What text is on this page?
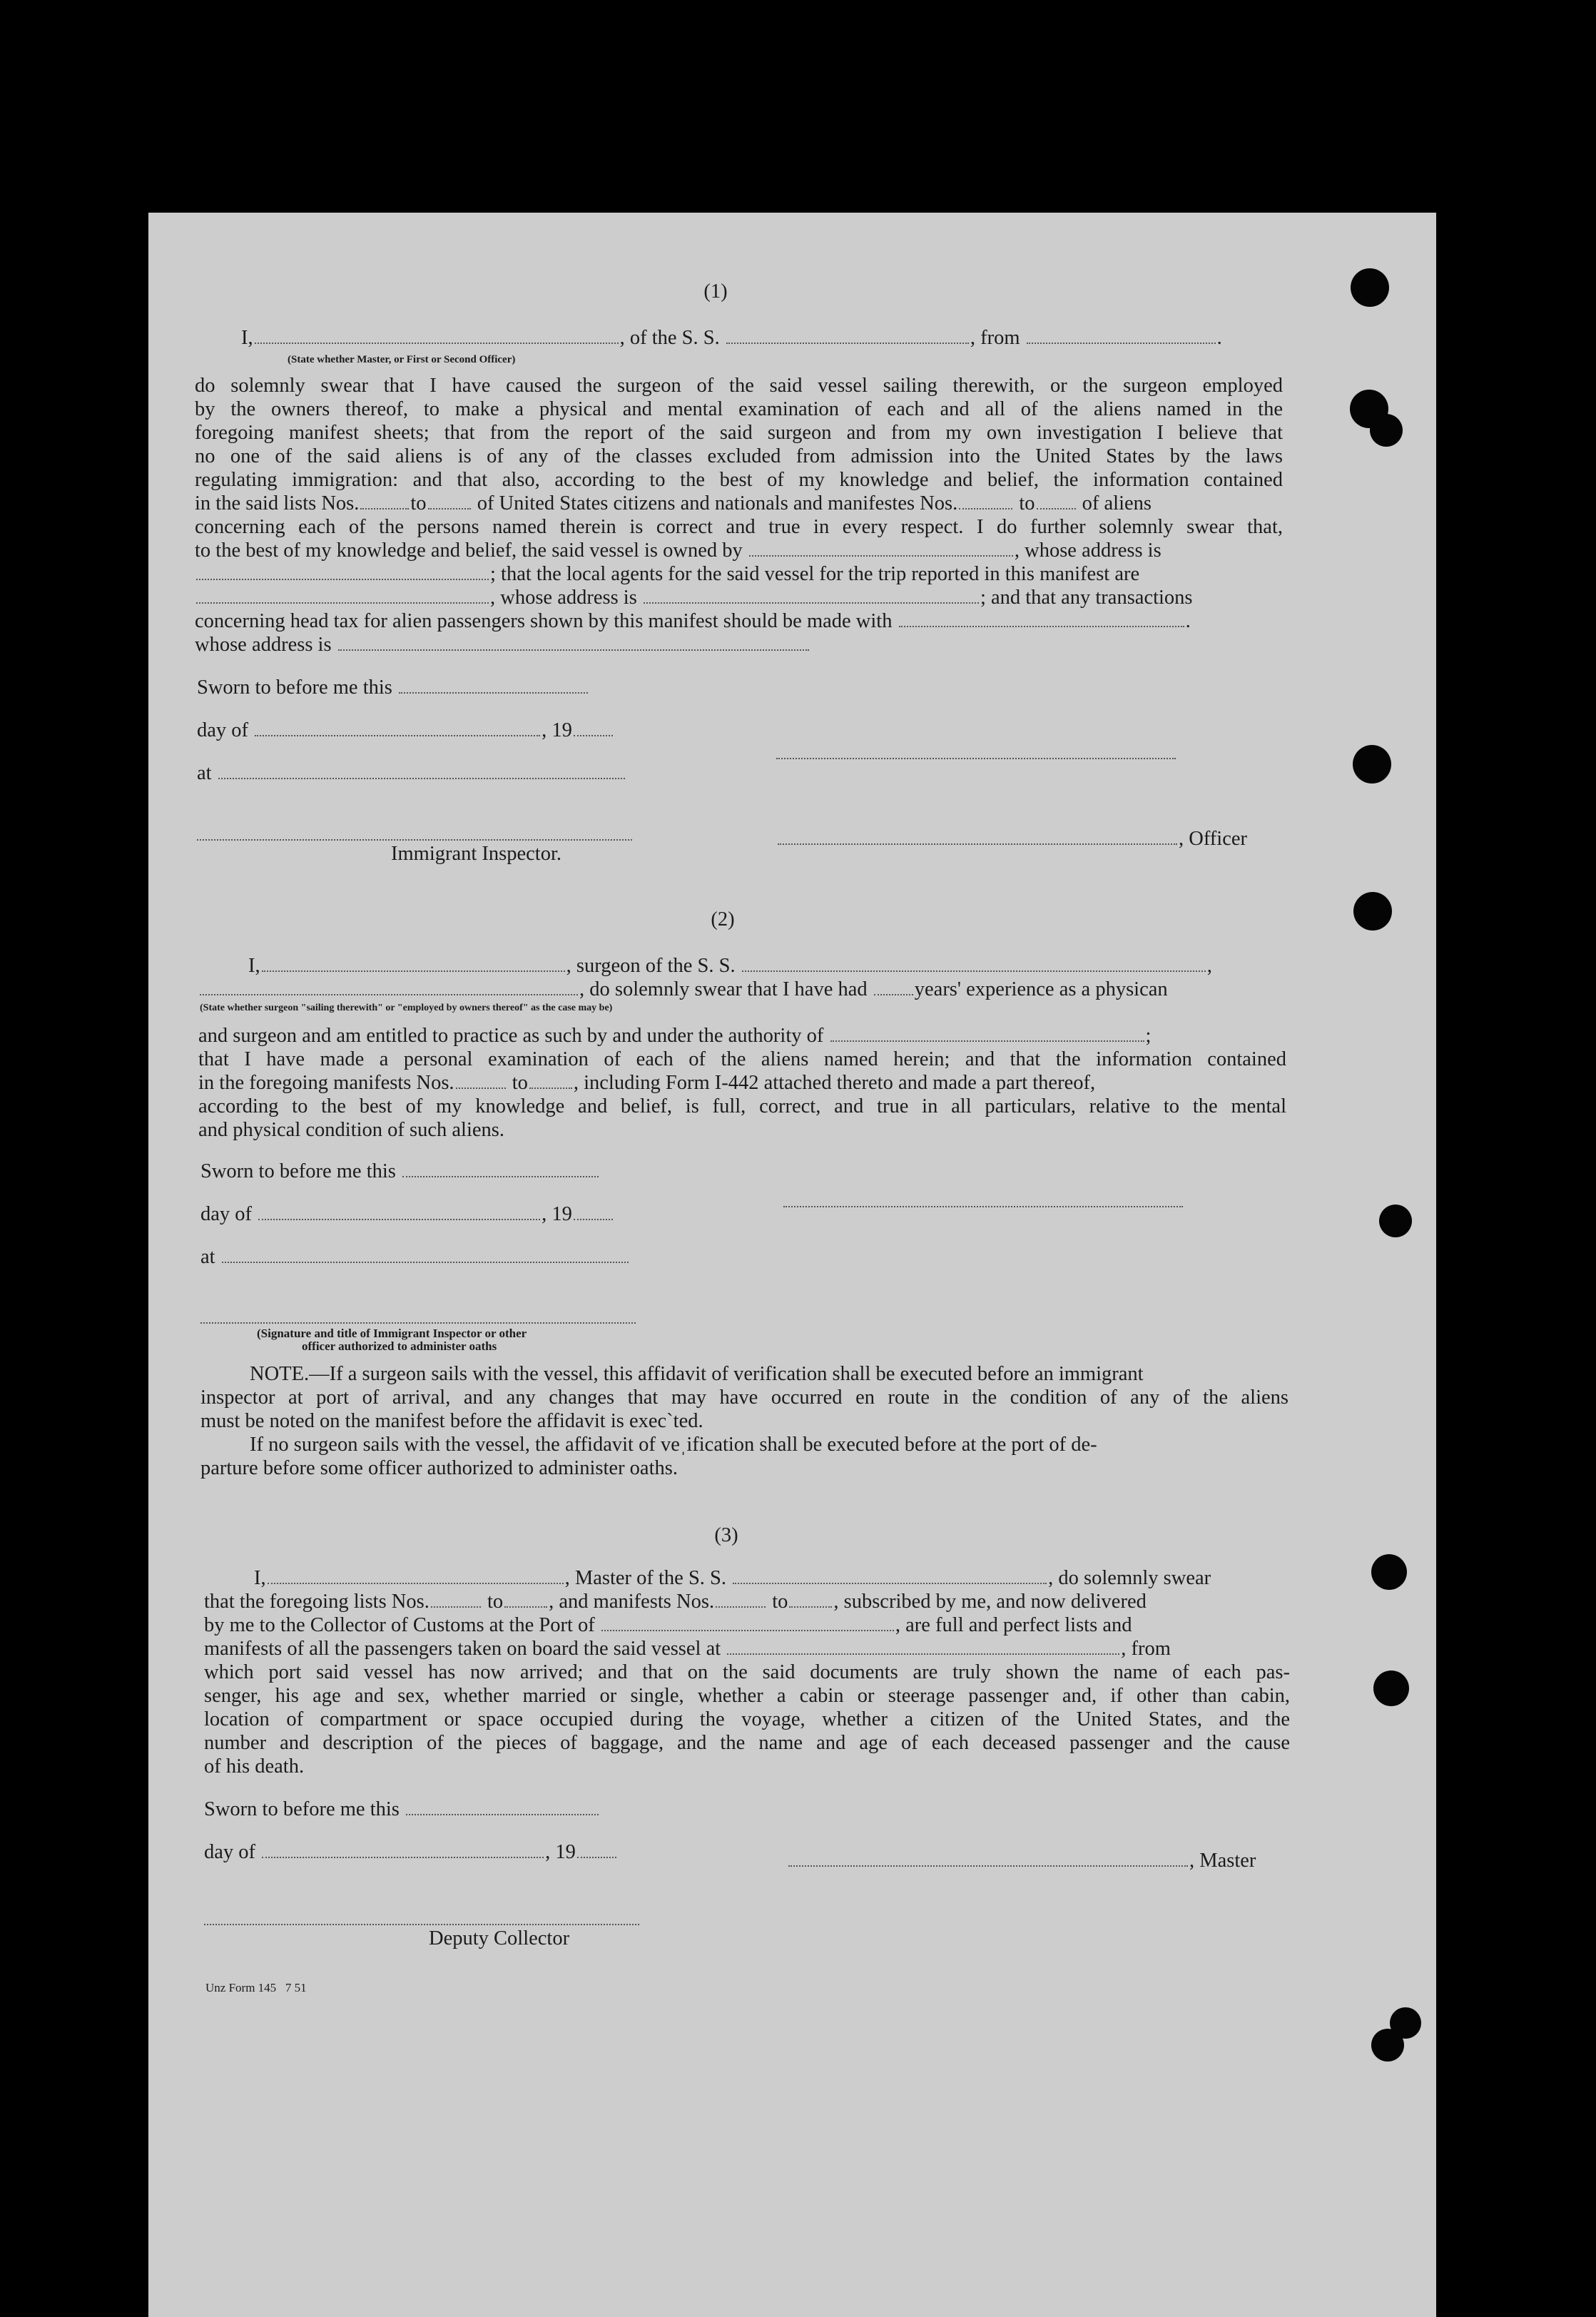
(1)
I,	, of the S. S.	, from	.
(State whether Master, or First or Second Officer)
do solemnly swear that I have caused the surgeon of the said vessel sailing therewith, or the surgeon employed
by the owners thereof, to make a physical and mental examination of each and all of the aliens named in the
foregoing manifest sheets; that from the report of the said surgeon and from my own investigation I believe that
no one of the said aliens is of any of the classes excluded from admission into the United States by the laws
regulating immigration: and that also, according to the best of my knowledge and belief, the information contained
in the said lists Nos.	to of United States citizens and nationals and manifestes Nos.	to of aliens
concerning each of the persons named therein is correct and true in every respect. I do further solemnly swear that,
to the best of my knowledge and belief, the said vessel is owned by	, whose address is
; that the local agents for the said vessel for the trip reported in this manifest are
, whose address is	; and that any transactions
concerning head tax for alien passengers shown by this manifest should be made with	.
whose address is
Sworn to before me this
day of	, 19
at
, Officer
Immigrant Inspector.
(2)
I,	, surgeon of the S. S.	,
, do solemnly swear that I have had years' experience as a physican
(State whether surgeon "sailing therewith" or "employed by owners thereof" as the case may be)
and surgeon and am entitled to practice as such by and under the authority of	;
that I have made a personal examination of each of the aliens named herein; and that the information contained
in the foregoing manifests Nos.	to , including Form I-442 attached thereto and made a part thereof,
according to the best of my knowledge and belief, is full, correct, and true in all particulars, relative to the mental
and physical condition of such aliens.
Sworn to before me this
day of	, 19
at
(Signature and title of Immigrant Inspector or other
officer authorized to administer oaths
NOTE.—If a surgeon sails with the vessel, this affidavit of verification shall be executed before an immigrant
inspector at port of arrival, and any changes that may have occurred en route in the condition of any of the aliens
must be noted on the manifest before the affidavit is execˋted.
If no surgeon sails with the vessel, the affidavit of veˌification shall be executed before at the port of de-
parture before some officer authorized to administer oaths.
(3)
I,	, Master of the S. S.	, do solemnly swear
that the foregoing lists Nos.	to , and manifests Nos.	to , subscribed by me, and now delivered
by me to the Collector of Customs at the Port of	, are full and perfect lists and
manifests of all the passengers taken on board the said vessel at	, from
which port said vessel has now arrived; and that on the said documents are truly shown the name of each pas-
senger, his age and sex, whether married or single, whether a cabin or steerage passenger and, if other than cabin,
location of compartment or space occupied during the voyage, whether a citizen of the United States, and the
number and description of the pieces of baggage, and the name and age of each deceased passenger and the cause
of his death.
Sworn to before me this
day of	, 19	, Master
Deputy Collector
Unz Form 145   7 51
